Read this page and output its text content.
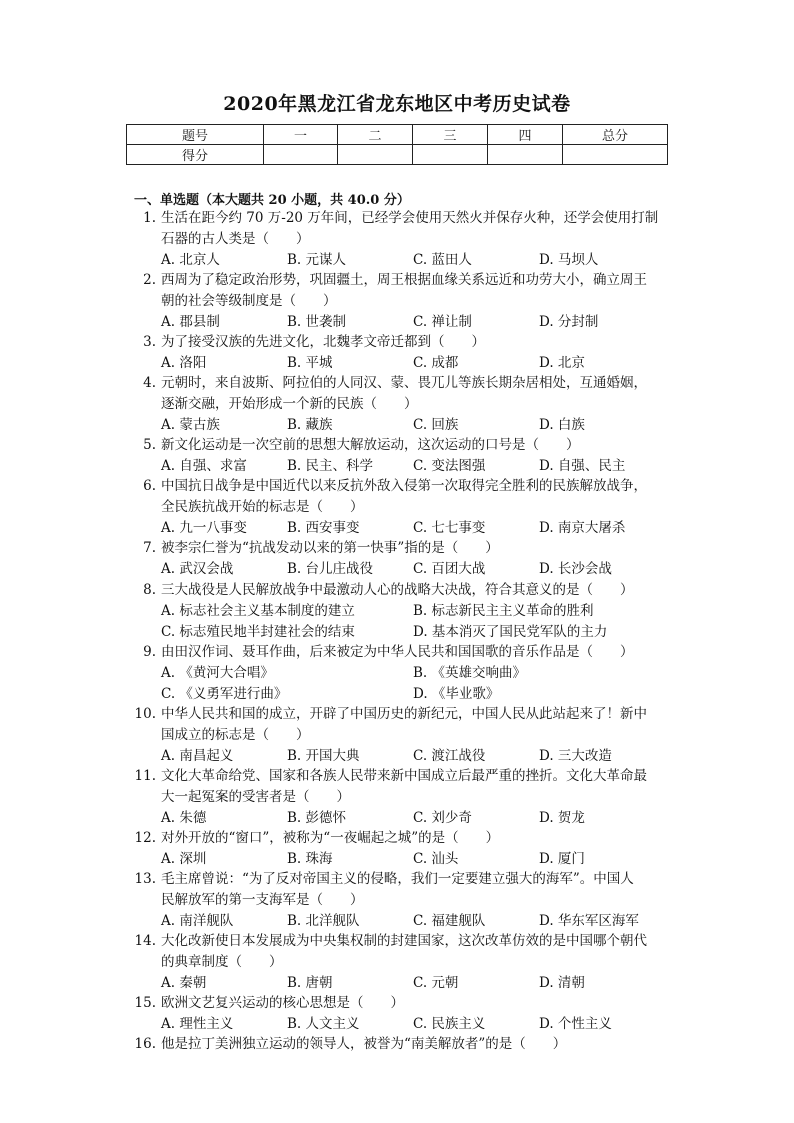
2020年黑龙江省龙东地区中考历史试卷
题号	一	二	三	四	总分
得分					
一、单选题（本大题共 20 小题，共 40.0 分）
1. 生活在距今约 70 万-20 万年间，已经学会使用天然火并保存火种，还学会使用打制
石器的古人类是（　　）
A. 北京人	B. 元谋人	C. 蓝田人	D. 马坝人
2. 西周为了稳定政治形势，巩固疆土，周王根据血缘关系远近和功劳大小，确立周王
朝的社会等级制度是（　　）
A. 郡县制	B. 世袭制	C. 禅让制	D. 分封制
3. 为了接受汉族的先进文化，北魏孝文帝迁都到（　　）
A. 洛阳	B. 平城	C. 成都	D. 北京
4. 元朝时，来自波斯、阿拉伯的人同汉、蒙、畏兀儿等族长期杂居相处，互通婚姻，
逐渐交融，开始形成一个新的民族（　　）
A. 蒙古族	B. 藏族	C. 回族	D. 白族
5. 新文化运动是一次空前的思想大解放运动，这次运动的口号是（　　）
A. 自强、求富	B. 民主、科学	C. 变法图强	D. 自强、民主
6. 中国抗日战争是中国近代以来反抗外敌入侵第一次取得完全胜利的民族解放战争，
全民族抗战开始的标志是（　　）
A. 九一八事变	B. 西安事变	C. 七七事变	D. 南京大屠杀
7. 被李宗仁誉为“抗战发动以来的第一快事”指的是（　　）
A. 武汉会战	B. 台儿庄战役	C. 百团大战	D. 长沙会战
8. 三大战役是人民解放战争中最激动人心的战略大决战，符合其意义的是（　　）
A. 标志社会主义基本制度的建立	B. 标志新民主主义革命的胜利
C. 标志殖民地半封建社会的结束	D. 基本消灭了国民党军队的主力
9. 由田汉作词、聂耳作曲，后来被定为中华人民共和国国歌的音乐作品是（　　）
A. 《黄河大合唱》	B. 《英雄交响曲》
C. 《义勇军进行曲》	D. 《毕业歌》
10. 中华人民共和国的成立，开辟了中国历史的新纪元，中国人民从此站起来了！新中
国成立的标志是（　　）
A. 南昌起义	B. 开国大典	C. 渡江战役	D. 三大改造
11. 文化大革命给党、国家和各族人民带来新中国成立后最严重的挫折。文化大革命最
大一起冤案的受害者是（　　）
A. 朱德	B. 彭德怀	C. 刘少奇	D. 贺龙
12. 对外开放的“窗口”，被称为“一夜崛起之城”的是（　　）
A. 深圳	B. 珠海	C. 汕头	D. 厦门
13. 毛主席曾说：“为了反对帝国主义的侵略，我们一定要建立强大的海军”。中国人
民解放军的第一支海军是（　　）
A. 南洋舰队	B. 北洋舰队	C. 福建舰队	D. 华东军区海军
14. 大化改新使日本发展成为中央集权制的封建国家，这次改革仿效的是中国哪个朝代
的典章制度（　　）
A. 秦朝	B. 唐朝	C. 元朝	D. 清朝
15. 欧洲文艺复兴运动的核心思想是（　　）
A. 理性主义	B. 人文主义	C. 民族主义	D. 个性主义
16. 他是拉丁美洲独立运动的领导人，被誉为“南美解放者”的是（　　）
